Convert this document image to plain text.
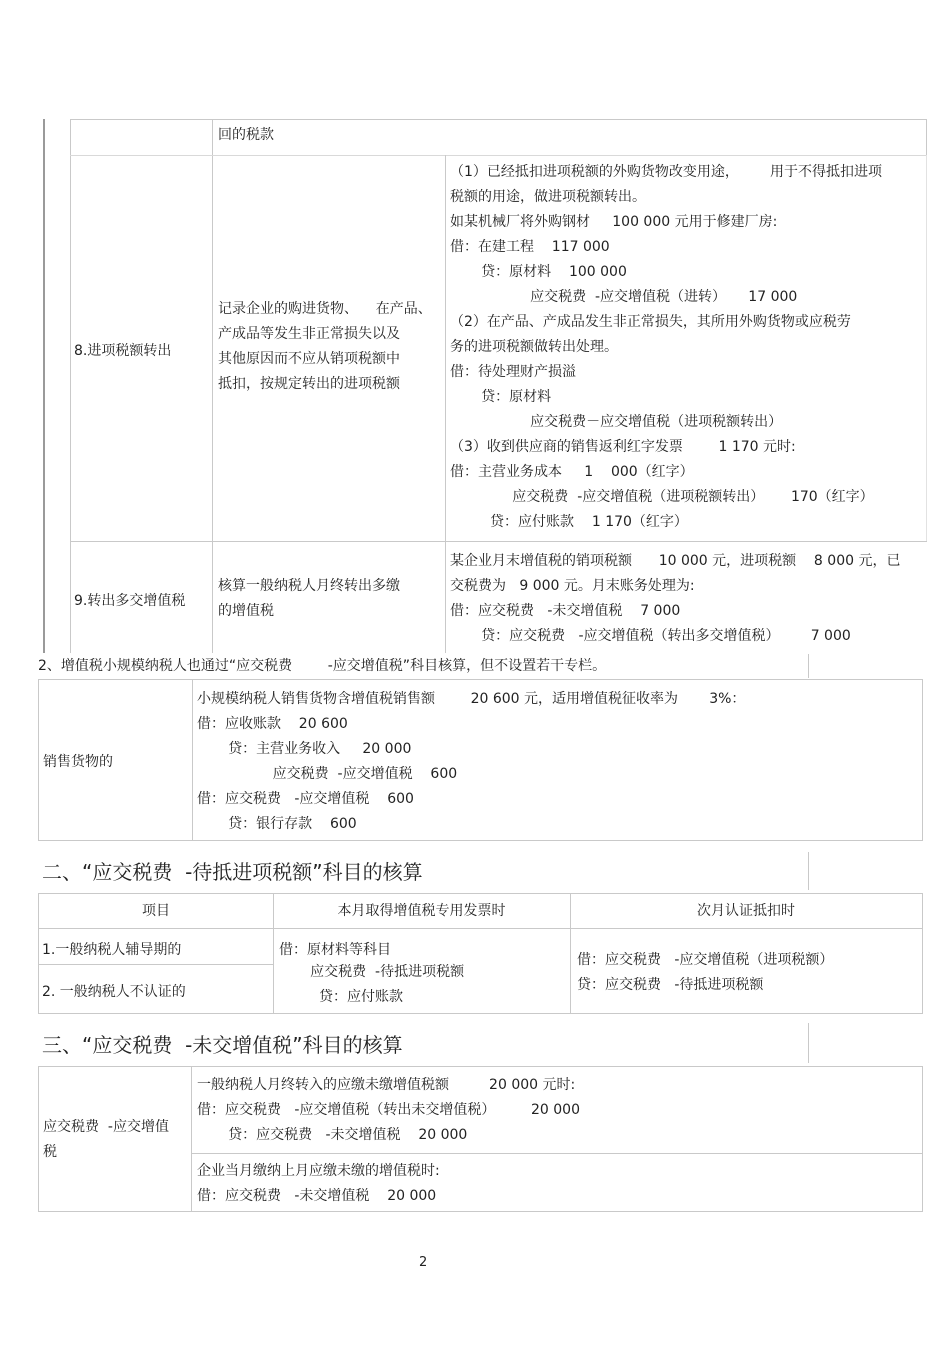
回的税款
8.进项税额转出
记录企业的购进货物、    在产品、
产成品等发生非正常损失以及
其他原因而不应从销项税额中
抵扣，按规定转出的进项税额
（1）已经抵扣进项税额的外购货物改变用途，       用于不得抵扣进项
税额的用途，做进项税额转出。
如某机械厂将外购钢材     100 000 元用于修建厂房:
借：在建工程    117 000
贷：原材料    100 000
应交税费  -应交增值税（进转）     17 000
（2）在产品、产成品发生非正常损失，其所用外购货物或应税劳
务的进项税额做转出处理。
借：待处理财产损溢
贷：原材料
应交税费－应交增值税（进项税额转出）
（3）收到供应商的销售返利红字发票        1 170 元时:
借：主营业务成本     1    000（红字）
应交税费  -应交增值税（进项税额转出）      170（红字）
贷：应付账款    1 170（红字）
9.转出多交增值税
核算一般纳税人月终转出多缴
的增值税
某企业月末增值税的销项税额      10 000 元，进项税额    8 000 元，已
交税费为   9 000 元。月末账务处理为:
借：应交税费   -未交增值税    7 000
贷：应交税费   -应交增值税（转出多交增值税）       7 000
2、增值税小规模纳税人也通过“应交税费        -应交增值税”科目核算，但不设置若干专栏。
销售货物的
小规模纳税人销售货物含增值税销售额        20 600 元，适用增值税征收率为       3%：
借：应收账款    20 600
贷：主营业务收入     20 000
应交税费  -应交增值税    600
借：应交税费   -应交增值税    600
贷：银行存款    600
二、“应交税费  -待抵进项税额”科目的核算
项目	本月取得增值税专用发票时	次月认证抵扣时
1.一般纳税人辅导期的
2. 一般纳税人不认证的
借：原材料等科目
应交税费  -待抵进项税额
贷：应付账款
借：应交税费   -应交增值税（进项税额）
贷：应交税费   -待抵进项税额
三、“应交税费  -未交增值税”科目的核算
应交税费  -应交增值
税
一般纳税人月终转入的应缴未缴增值税额         20 000 元时:
借：应交税费   -应交增值税（转出未交增值税）        20 000
贷：应交税费   -未交增值税    20 000
企业当月缴纳上月应缴未缴的增值税时:
借：应交税费   -未交增值税    20 000
2
